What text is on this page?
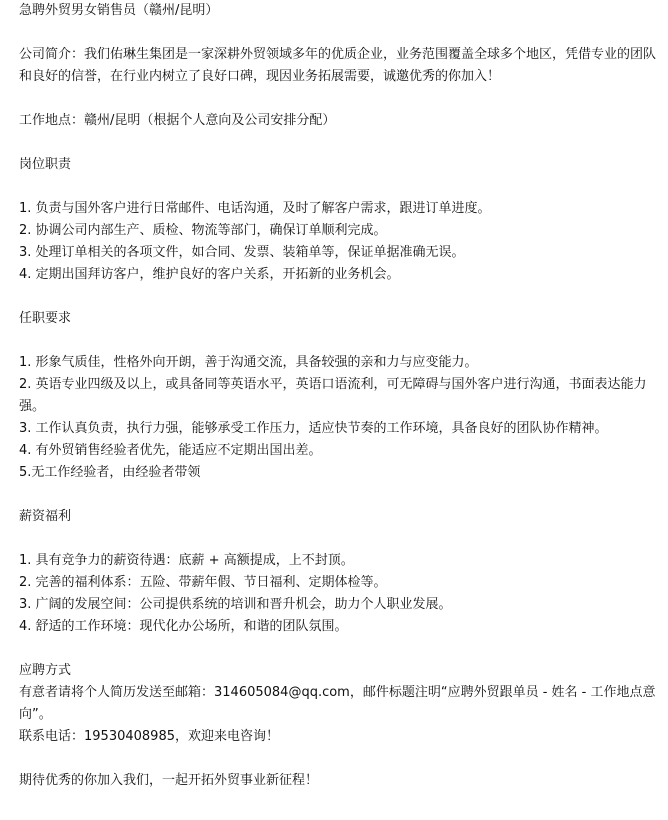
急聘外贸男女销售员（赣州/昆明）
公司简介：我们佑琳生集团是一家深耕外贸领域多年的优质企业，业务范围覆盖全球多个地区，凭借专业的团队和良好的信誉，在行业内树立了良好口碑，现因业务拓展需要，诚邀优秀的你加入！
工作地点：赣州/昆明（根据个人意向及公司安排分配）
岗位职责
1. 负责与国外客户进行日常邮件、电话沟通，及时了解客户需求，跟进订单进度。
2. 协调公司内部生产、质检、物流等部门，确保订单顺利完成。
3. 处理订单相关的各项文件，如合同、发票、装箱单等，保证单据准确无误。
4. 定期出国拜访客户，维护良好的客户关系，开拓新的业务机会。
任职要求
1. 形象气质佳，性格外向开朗，善于沟通交流，具备较强的亲和力与应变能力。
2. 英语专业四级及以上，或具备同等英语水平，英语口语流利，可无障碍与国外客户进行沟通，书面表达能力强。
3. 工作认真负责，执行力强，能够承受工作压力，适应快节奏的工作环境，具备良好的团队协作精神。
4. 有外贸销售经验者优先，能适应不定期出国出差。
5.无工作经验者，由经验者带领
薪资福利
1. 具有竞争力的薪资待遇：底薪 + 高额提成，上不封顶。
2. 完善的福利体系：五险、带薪年假、节日福利、定期体检等。
3. 广阔的发展空间：公司提供系统的培训和晋升机会，助力个人职业发展。
4. 舒适的工作环境：现代化办公场所，和谐的团队氛围。
应聘方式
有意者请将个人简历发送至邮箱：314605084@qq.com，邮件标题注明“应聘外贸跟单员 - 姓名 - 工作地点意向”。
联系电话：19530408985，欢迎来电咨询！
期待优秀的你加入我们，一起开拓外贸事业新征程！
